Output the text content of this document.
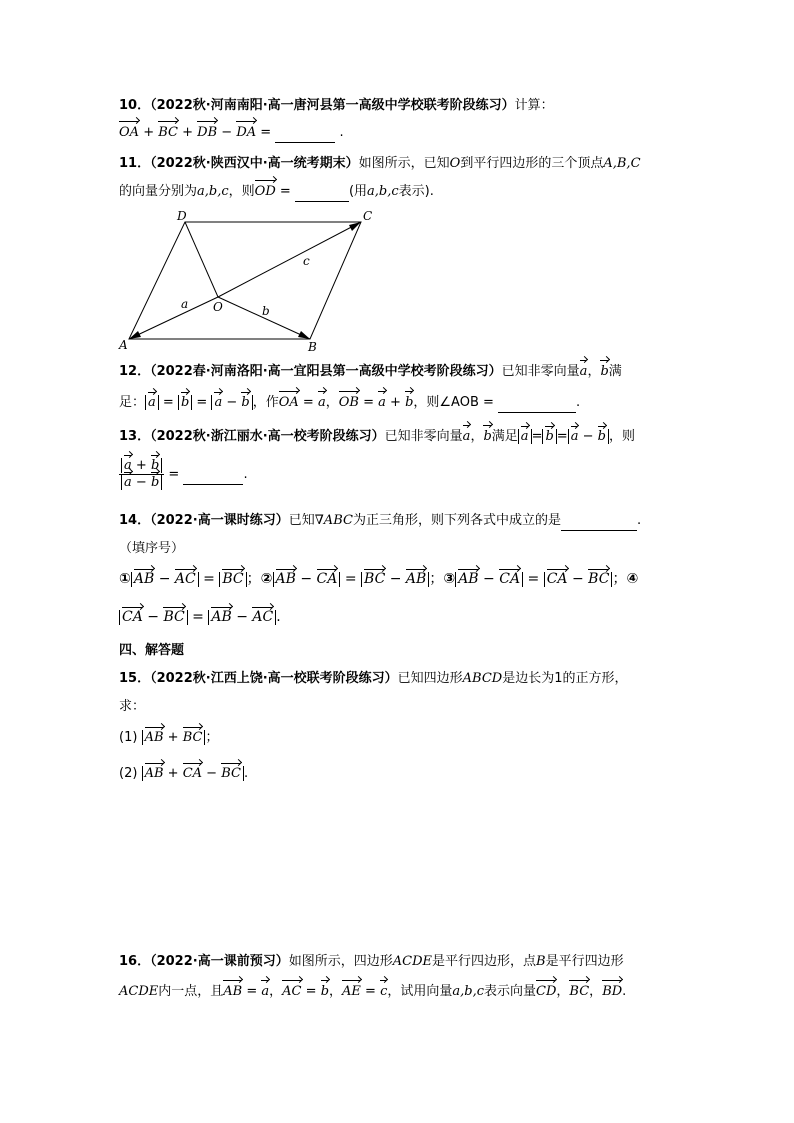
10．（2022秋·河南南阳·高一唐河县第一高级中学校联考阶段练习）计算：
OA + BC + DB − DA =	.
11．（2022秋·陕西汉中·高一统考期末）如图所示，已知O到平行四边形的三个顶点A,B,C
的向量分别为a,b,c，则OD =	(用a,b,c表示).
D	C
A	B
O
a	b
c
12．（2022春·河南洛阳·高一宜阳县第一高级中学校考阶段练习）已知非零向量a，b满
足： a = b = a − b ，作OA = a，OB = a + b，则∠AOB =	.
13．（2022秋·浙江丽水·高一校考阶段练习）已知非零向量a，b满足 a = b = a − b ，则
$\frac{a + b}{a - b}$ =	.
14．（2022·高一课时练习）已知∇ABC为正三角形，则下列各式中成立的是	.
（填序号）
① AB − AC = BC ；② AB − CA = BC − AB ；③ AB − CA = CA − BC ；④
CA − BC = AB − AC .
四、解答题
15．（2022秋·江西上饶·高一校联考阶段练习）已知四边形ABCD是边长为1的正方形，
求：
(1) AB + BC ；
(2) AB + CA − BC .
16．（2022·高一课前预习）如图所示，四边形ACDE是平行四边形，点B是平行四边形
ACDE内一点，且AB = a，AC = b，AE = c，试用向量a,b,c表示向量CD，BC，BD.
